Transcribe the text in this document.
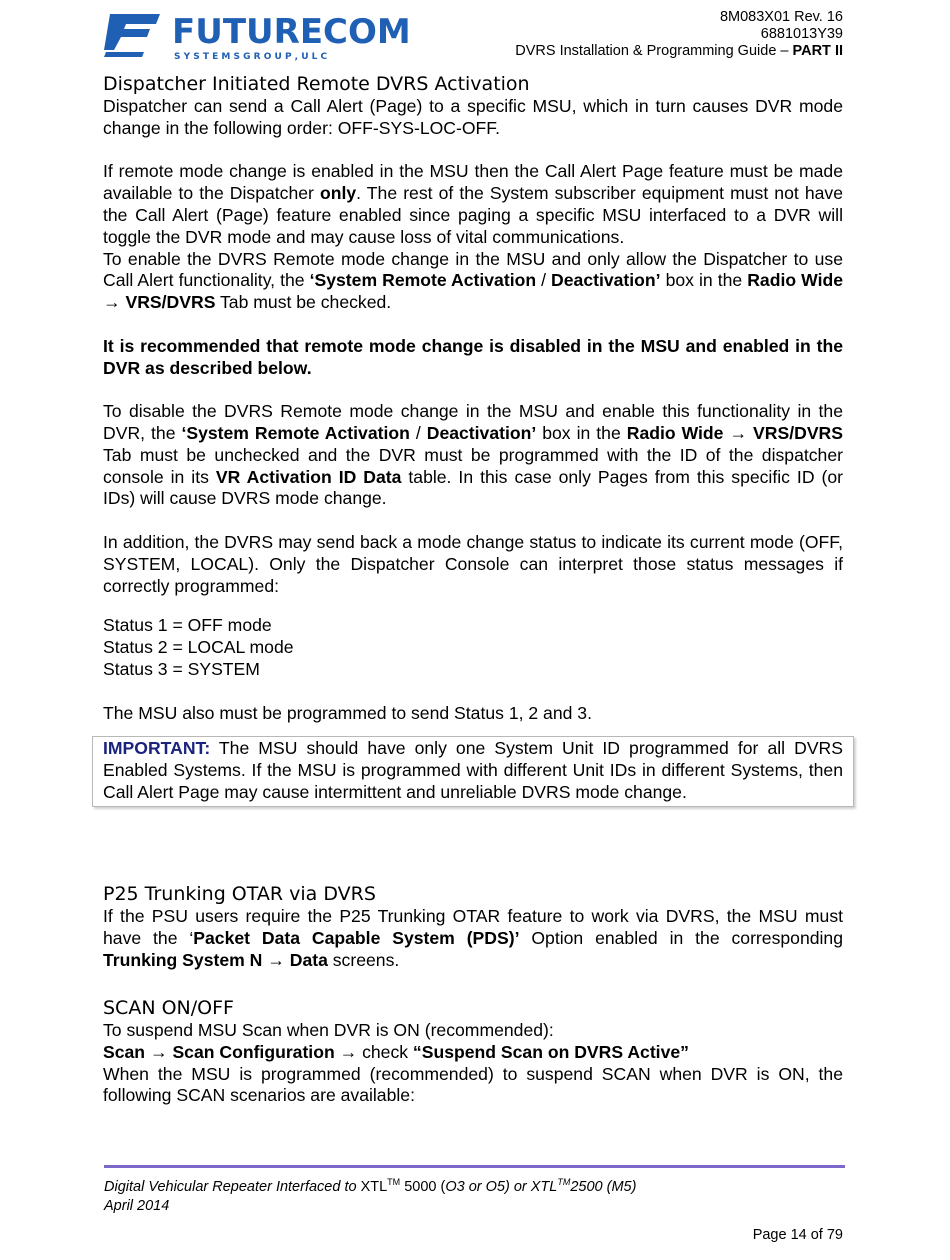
FUTURECOM
S Y S T E M S G R O U P , U L C
8M083X01 Rev. 16
6881013Y39
DVRS Installation & Programming Guide – PART II
Dispatcher Initiated Remote DVRS Activation

Dispatcher can send a Call Alert (Page) to a specific MSU, which in turn causes DVR mode change in the following order: OFF-SYS-LOC-OFF.

If remote mode change is enabled in the MSU then the Call Alert Page feature must be made available to the Dispatcher only. The rest of the System subscriber equipment must not have the Call Alert (Page) feature enabled since paging a specific MSU interfaced to a DVR will toggle the DVR mode and may cause loss of vital communications.

To enable the DVRS Remote mode change in the MSU and only allow the Dispatcher to use Call Alert functionality, the ‘System Remote Activation / Deactivation’ box in the Radio Wide → VRS/DVRS Tab must be checked.

It is recommended that remote mode change is disabled in the MSU and enabled in the DVR as described below.

To disable the DVRS Remote mode change in the MSU and enable this functionality in the DVR, the ‘System Remote Activation / Deactivation’ box in the Radio Wide → VRS/DVRS Tab must be unchecked and the DVR must be programmed with the ID of the dispatcher console in its VR Activation ID Data table. In this case only Pages from this specific ID (or IDs) will cause DVRS mode change.

In addition, the DVRS may send back a mode change status to indicate its current mode (OFF, SYSTEM, LOCAL). Only the Dispatcher Console can interpret those status messages if correctly programmed:

Status 1 = OFF mode
Status 2 = LOCAL mode
Status 3 = SYSTEM

The MSU also must be programmed to send Status 1, 2 and 3.

IMPORTANT: The MSU should have only one System Unit ID programmed for all DVRS Enabled Systems. If the MSU is programmed with different Unit IDs in different Systems, then Call Alert Page may cause intermittent and unreliable DVRS mode change.
P25 Trunking OTAR via DVRS

If the PSU users require the P25 Trunking OTAR feature to work via DVRS, the MSU must have the ‘Packet Data Capable System (PDS)’ Option enabled in the corresponding Trunking System N → Data screens.

SCAN ON/OFF
To suspend MSU Scan when DVR is ON (recommended):
Scan → Scan Configuration → check “Suspend Scan on DVRS Active”

When the MSU is programmed (recommended) to suspend SCAN when DVR is ON, the following SCAN scenarios are available:

Digital Vehicular Repeater Interfaced to XTL™ 5000 (O3 or O5) or XTL™2500 (M5)
April 2014
Page 14 of 79
